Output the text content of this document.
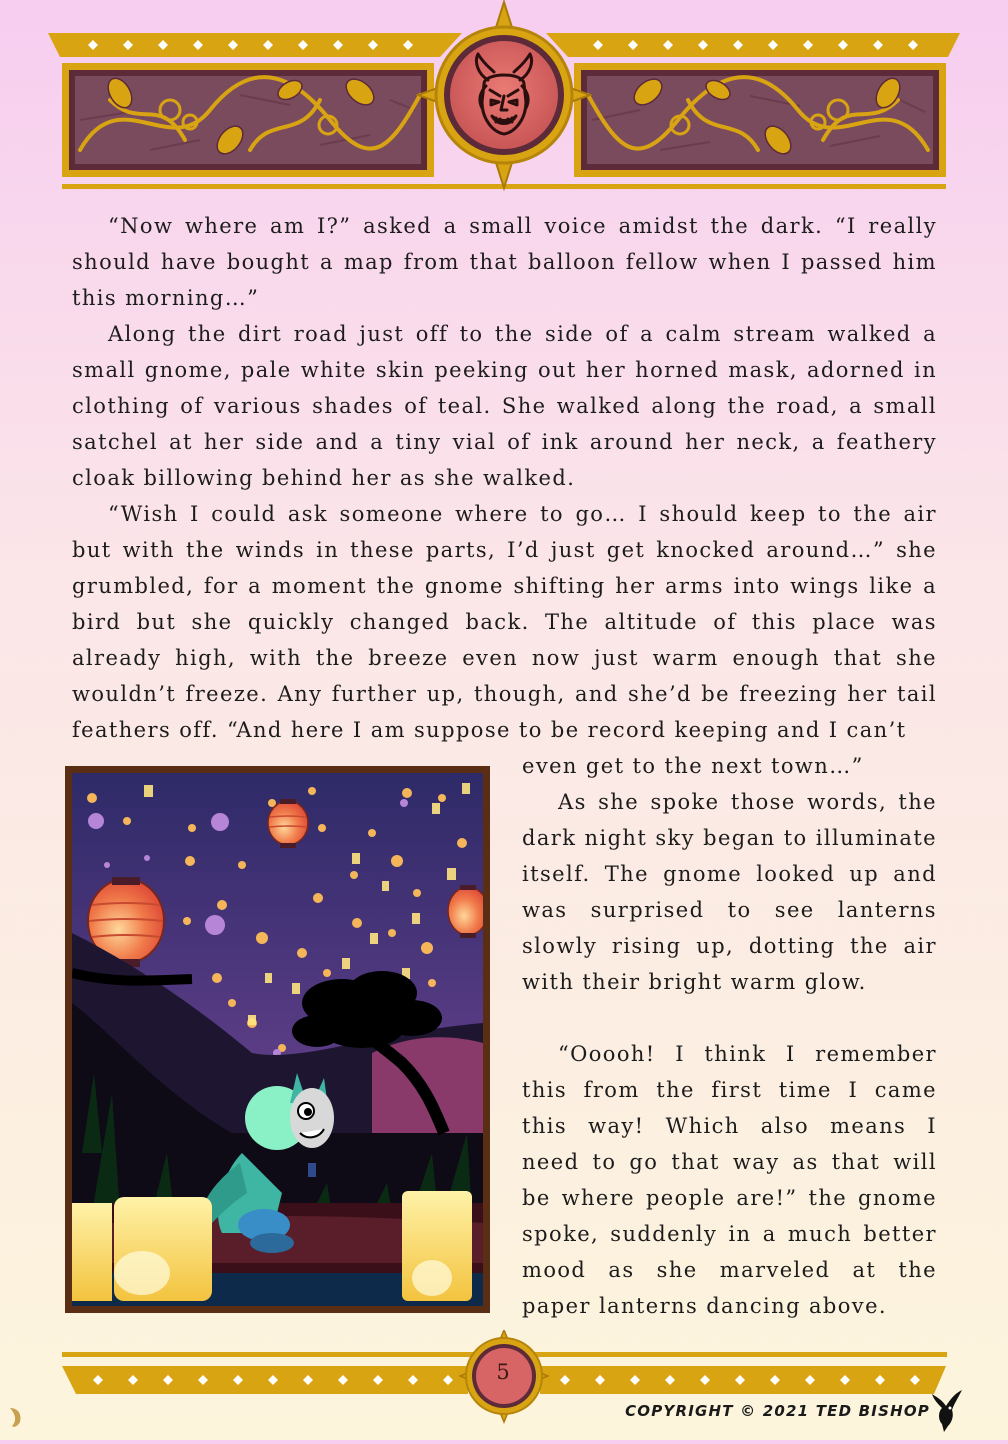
“Now where am I?” asked a small voice amidst the dark. “I really should have bought a map from that balloon fellow when I passed him this morning…”

Along the dirt road just off to the side of a calm stream walked a small gnome, pale white skin peeking out her horned mask, adorned in clothing of various shades of teal. She walked along the road, a small satchel at her side and a tiny vial of ink around her neck, a feathery cloak billowing behind her as she walked.

“Wish I could ask someone where to go… I should keep to the air but with the winds in these parts, I’d just get knocked around…” she grumbled, for a moment the gnome shifting her arms into wings like a bird but she quickly changed back. The altitude of this place was already high, with the breeze even now just warm enough that she wouldn’t freeze. Any further up, though, and she’d be freezing her tail feathers off. “And here I am suppose to be record keeping and I can’t

even get to the next town…”

As she spoke those words, the dark night sky began to illuminate itself. The gnome looked up and was surprised to see lanterns slowly rising up, dotting the air with their bright warm glow.

“Ooooh! I think I remember this from the first time I came this way! Which also means I need to go that way as that will be where people are!” the gnome spoke, suddenly in a much better mood as she marveled at the paper lanterns dancing above.

5
COPYRIGHT © 2021 TED BISHOP
